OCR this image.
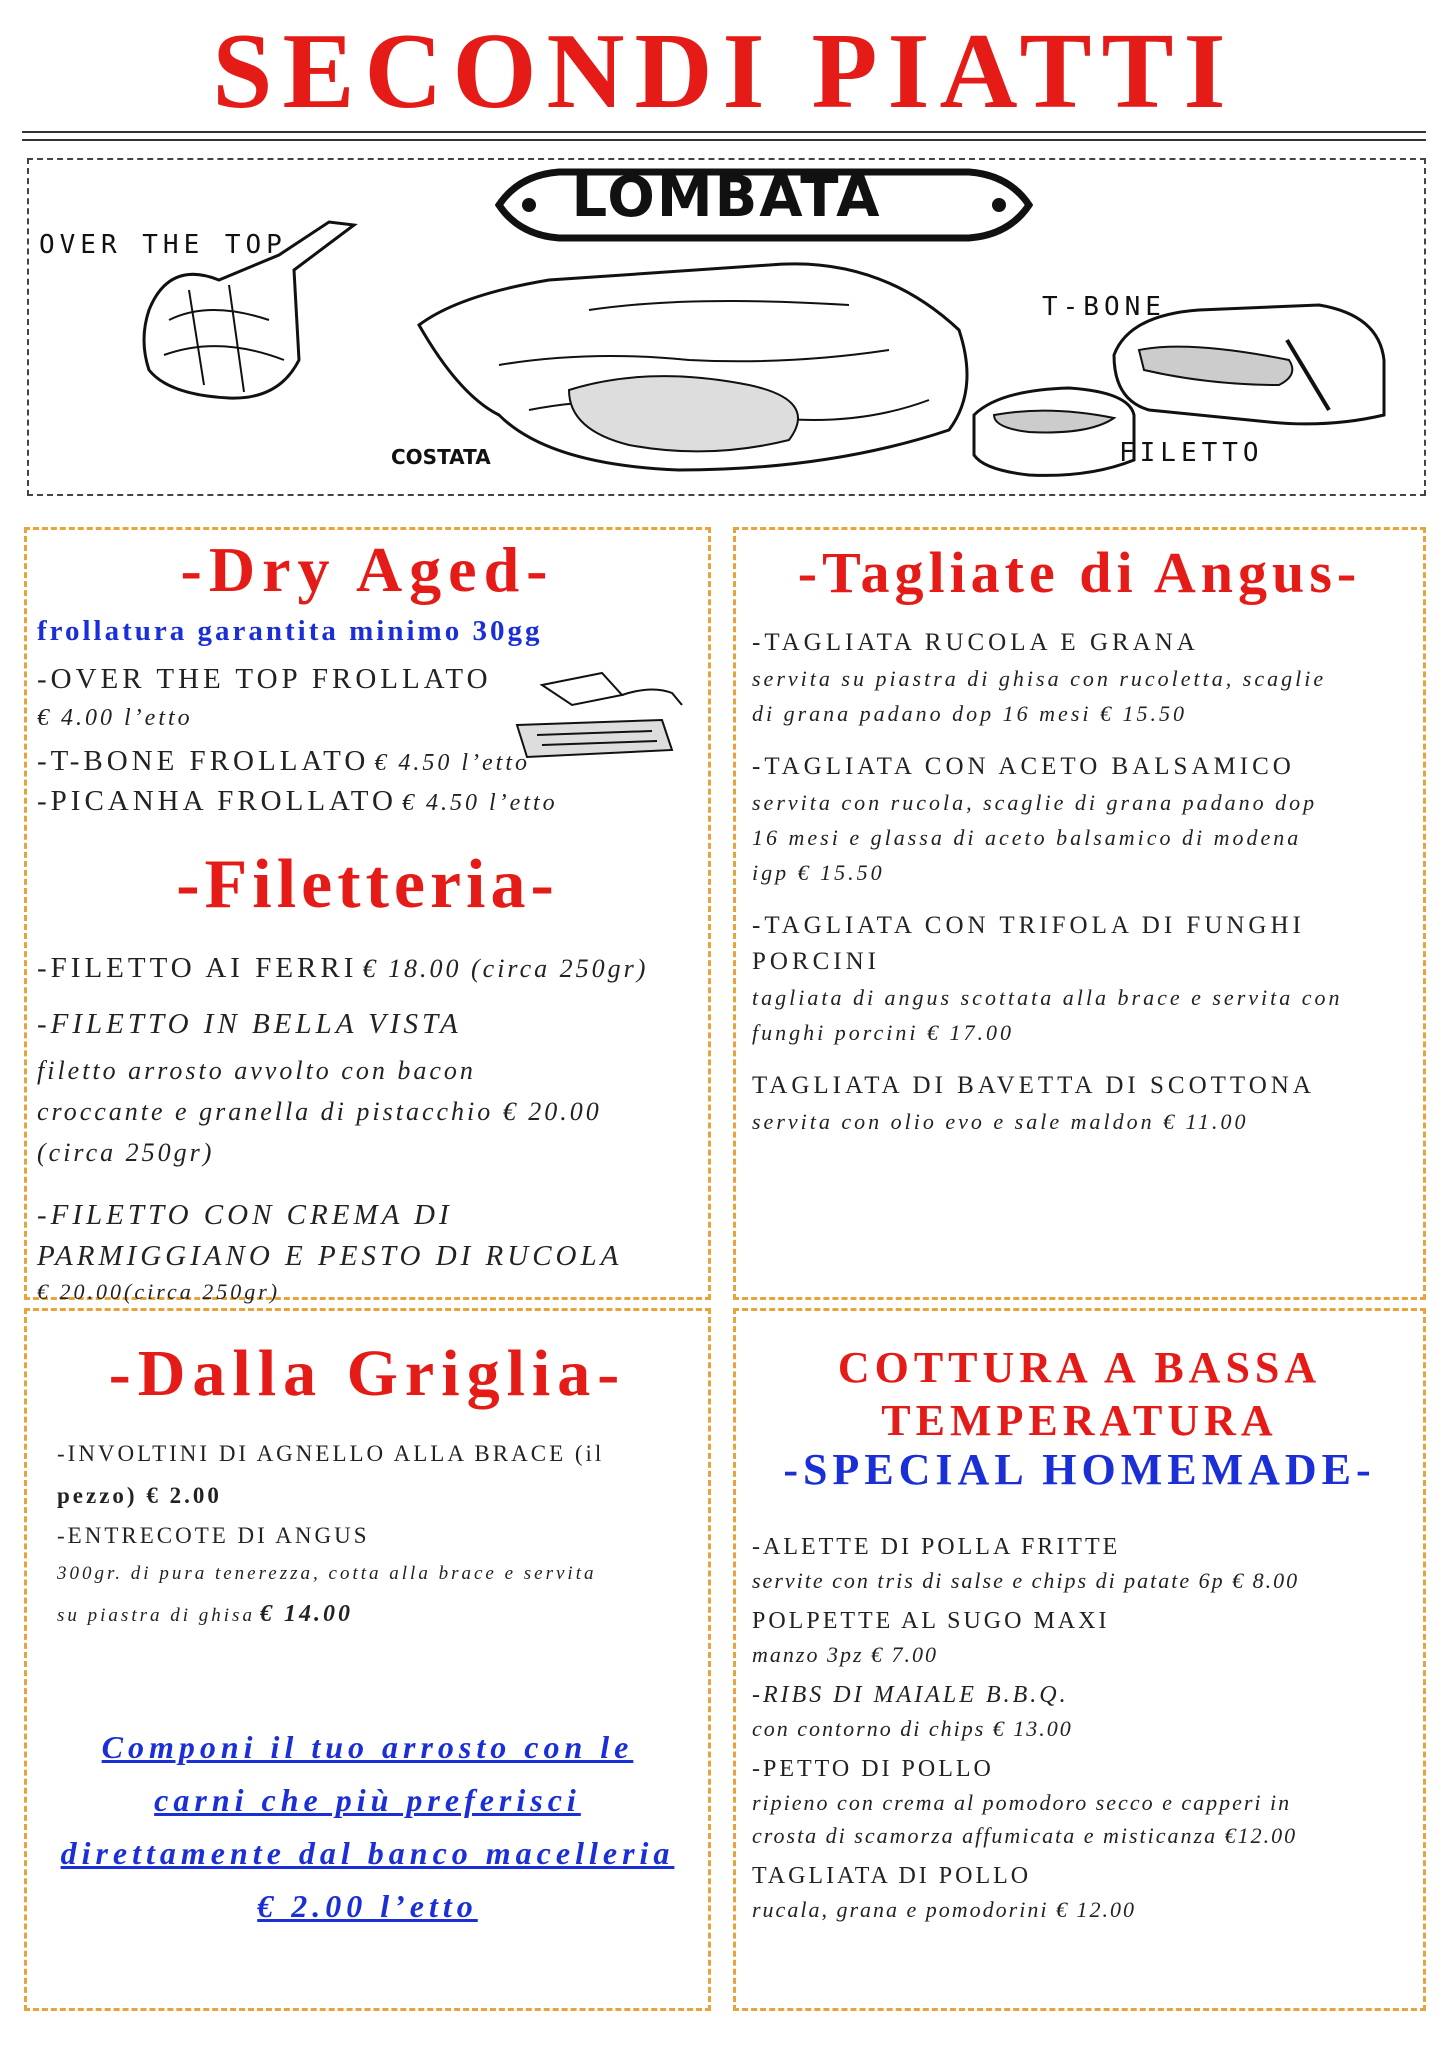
SECONDI PIATTI
LOMBATA
OVER THE TOP
COSTATA
T-BONE
FILETTO
-Dry Aged-
frollatura garantita minimo 30gg
-OVER THE TOP FROLLATO
€ 4.00 l’etto
-T-BONE FROLLATO € 4.50 l’etto
-PICANHA FROLLATO € 4.50 l’etto
-Filetteria-
-FILETTO AI FERRI € 18.00 (circa 250gr)
-FILETTO IN BELLA VISTA
filetto arrosto avvolto con bacon
croccante e granella di pistacchio € 20.00
(circa 250gr)
-FILETTO CON CREMA DI
PARMIGGIANO E PESTO DI RUCOLA
€ 20.00(circa 250gr)
-Tagliate di Angus-
-TAGLIATA RUCOLA E GRANA
servita su piastra di ghisa con rucoletta, scaglie
di grana padano dop 16 mesi € 15.50
-TAGLIATA CON ACETO BALSAMICO
servita con rucola, scaglie di grana padano dop
16 mesi e glassa di aceto balsamico di modena
igp € 15.50
-TAGLIATA CON TRIFOLA DI FUNGHI
PORCINI
tagliata di angus scottata alla brace e servita con
funghi porcini € 17.00
TAGLIATA DI BAVETTA DI SCOTTONA
servita con olio evo e sale maldon € 11.00
-Dalla Griglia-
-INVOLTINI DI AGNELLO ALLA BRACE (il
pezzo) € 2.00
-ENTRECOTE DI ANGUS
300gr. di pura tenerezza, cotta alla brace e servita
su piastra di ghisa € 14.00
Componi il tuo arrosto con le
carni che più preferisci
direttamente dal banco macelleria
€ 2.00 l’etto
COTTURA A BASSA
TEMPERATURA
-SPECIAL HOMEMADE-
-ALETTE DI POLLA FRITTE
servite con tris di salse e chips di patate 6p € 8.00
POLPETTE AL SUGO MAXI
manzo 3pz € 7.00
-RIBS DI MAIALE B.B.Q.
con contorno di chips € 13.00
-PETTO DI POLLO
ripieno con crema al pomodoro secco e capperi in
crosta di scamorza affumicata e misticanza €12.00
TAGLIATA DI POLLO
rucala, grana e pomodorini € 12.00
